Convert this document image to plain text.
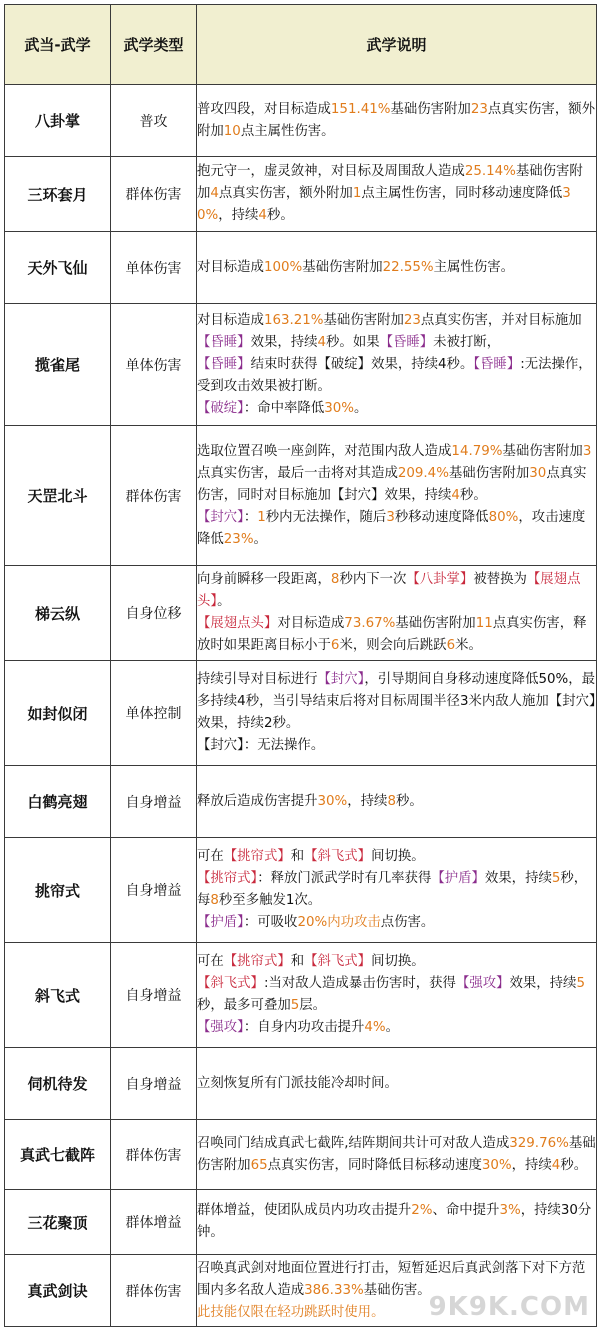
武当-武学	武学类型	武学说明
八卦掌	普攻	普攻四段，对目标造成151.41%基础伤害附加23点真实伤害，额外附加10点主属性伤害。
三环套月	群体伤害	抱元守一，虚灵敛神，对目标及周围敌人造成25.14%基础伤害附加4点真实伤害，额外附加1点主属性伤害，同时移动速度降低30%，持续4秒。
天外飞仙	单体伤害	对目标造成100%基础伤害附加22.55%主属性伤害。
揽雀尾	单体伤害	对目标造成163.21%基础伤害附加23点真实伤害，并对目标施加【昏睡】效果，持续4秒。如果【昏睡】未被打断，
【昏睡】结束时获得【破绽】效果，持续4秒。【昏睡】:无法操作，受到攻击效果被打断。
【破绽】：命中率降低30%。
天罡北斗	群体伤害	选取位置召唤一座剑阵，对范围内敌人造成14.79%基础伤害附加3点真实伤害，最后一击将对其造成209.4%基础伤害附加30点真实伤害，同时对目标施加【封穴】效果，持续4秒。
【封穴】：1秒内无法操作，随后3秒移动速度降低80%，攻击速度降低23%。
梯云纵	自身位移	向身前瞬移一段距离，8秒内下一次【八卦掌】被替换为【展翅点头】。
【展翅点头】对目标造成73.67%基础伤害附加11点真实伤害，释放时如果距离目标小于6米，则会向后跳跃6米。
如封似闭	单体控制	持续引导对目标进行【封穴】，引导期间自身移动速度降低50%，最多持续4秒，当引导结束后将对目标周围半径3米内敌人施加【封穴】效果，持续2秒。
【封穴】：无法操作。
白鹤亮翅	自身增益	释放后造成伤害提升30%，持续8秒。
挑帘式	自身增益	可在【挑帘式】和【斜飞式】间切换。
【挑帘式】：释放门派武学时有几率获得【护盾】效果，持续5秒，每8秒至多触发1次。
【护盾】：可吸收20%内功攻击点伤害。
斜飞式	自身增益	可在【挑帘式】和【斜飞式】间切换。
【斜飞式】:当对敌人造成暴击伤害时，获得【强攻】效果，持续5秒，最多可叠加5层。
【强攻】：自身内功攻击提升4%。
伺机待发	自身增益	立刻恢复所有门派技能冷却时间。
真武七截阵	群体伤害	召唤同门结成真武七截阵,结阵期间共计可对敌人造成329.76%基础伤害附加65点真实伤害，同时降低目标移动速度30%，持续4秒。
三花聚顶	群体增益	群体增益，使团队成员内功攻击提升2%、命中提升3%，持续30分钟。
真武剑诀	群体伤害	召唤真武剑对地面位置进行打击，短暂延迟后真武剑落下对下方范围内多名敌人造成386.33%基础伤害。
此技能仅限在轻功跳跃时使用。 9K9K.COM
